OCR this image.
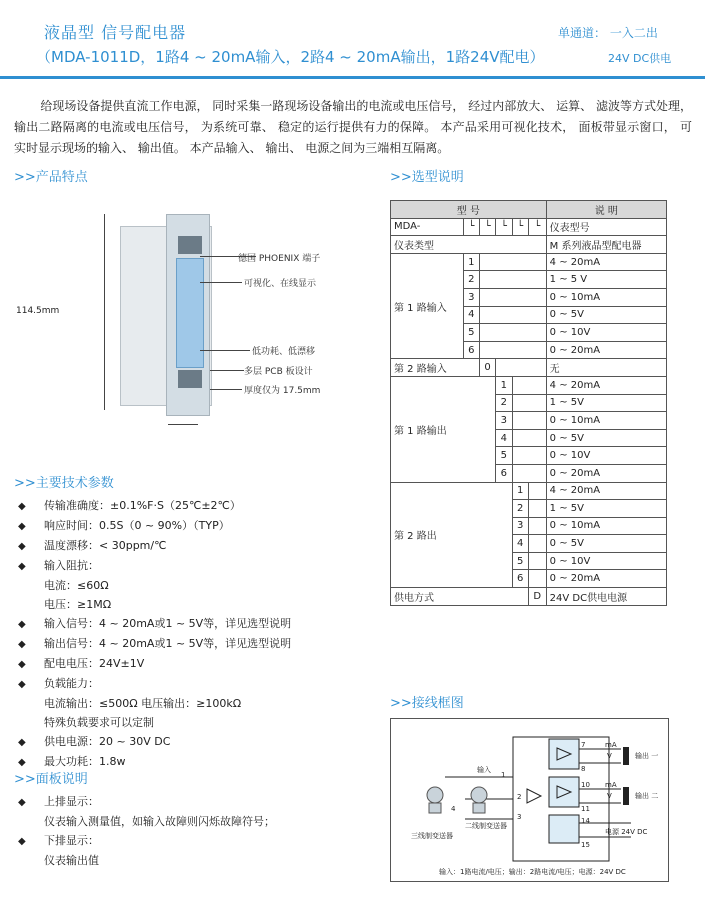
液晶型 信号配电器
（MDA-1011D，1路4 ~ 20mA输入，2路4 ~ 20mA输出，1路24V配电）
单通道： 一入二出
24V DC供电
给现场设备提供直流工作电源， 同时采集一路现场设备输出的电流或电压信号， 经过内部放大、 运算、 滤波等方式处理， 输出二路隔离的电流或电压信号， 为系统可靠、 稳定的运行提供有力的保障。 本产品采用可视化技术， 面板带显示窗口， 可实时显示现场的输入、 输出值。 本产品输入、 输出、 电源之间为三端相互隔离。
>>产品特点	>>选型说明
>>主要技术参数
>>面板说明
>>接线框图
114.5mm
德国 PHOENIX 端子
可视化、在线显示
低功耗、低漂移
多层 PCB 板设计
厚度仅为 17.5mm
◆ 传输准确度：±0.1%F·S（25℃±2℃）
◆ 响应时间：0.5S（0 ~ 90%）（TYP）
◆ 温度漂移：< 30ppm/℃
◆ 输入阻抗：
电流：≤60Ω
电压：≥1MΩ
◆ 输入信号：4 ~ 20mA或1 ~ 5V等，详见选型说明
◆ 输出信号：4 ~ 20mA或1 ~ 5V等，详见选型说明
◆ 配电电压：24V±1V
◆ 负载能力：
电流输出：≤500Ω 电压输出：≥100kΩ
特殊负载要求可以定制
◆ 供电电源：20 ~ 30V DC
◆ 最大功耗：1.8w
◆ 上排显示：
仪表输入测量值，如输入故障则闪烁故障符号；
◆ 下排显示：
仪表输出值
型 号						说 明
MDA-	└	└	└	└	└	仪表型号
仪表类型						M 系列液晶型配电器
第 1 路输入	1					4 ~ 20mA
	2					1 ~ 5 V
	3					0 ~ 10mA
	4					0 ~ 5V
	5					0 ~ 10V
	6					0 ~ 20mA
第 2 路输入		0				无
第 1 路输出			1			4 ~ 20mA
			2			1 ~ 5V
			3			0 ~ 10mA
			4			0 ~ 5V
			5			0 ~ 10V
			6			0 ~ 20mA
第 2 路出				1		4 ~ 20mA
				2		1 ~ 5V
				3		0 ~ 10mA
				4		0 ~ 5V
				5		0 ~ 10V
				6		0 ~ 20mA
供电方式					D	24V DC供电电源
输入
三线制变送器
二线制变送器
输出 一
输出 二
电源 24V DC
mA
V
mA
V
1
2
3
4
7
8
10
11
14
15
输入：1路电流/电压；输出：2路电流/电压；电源：24V DC
